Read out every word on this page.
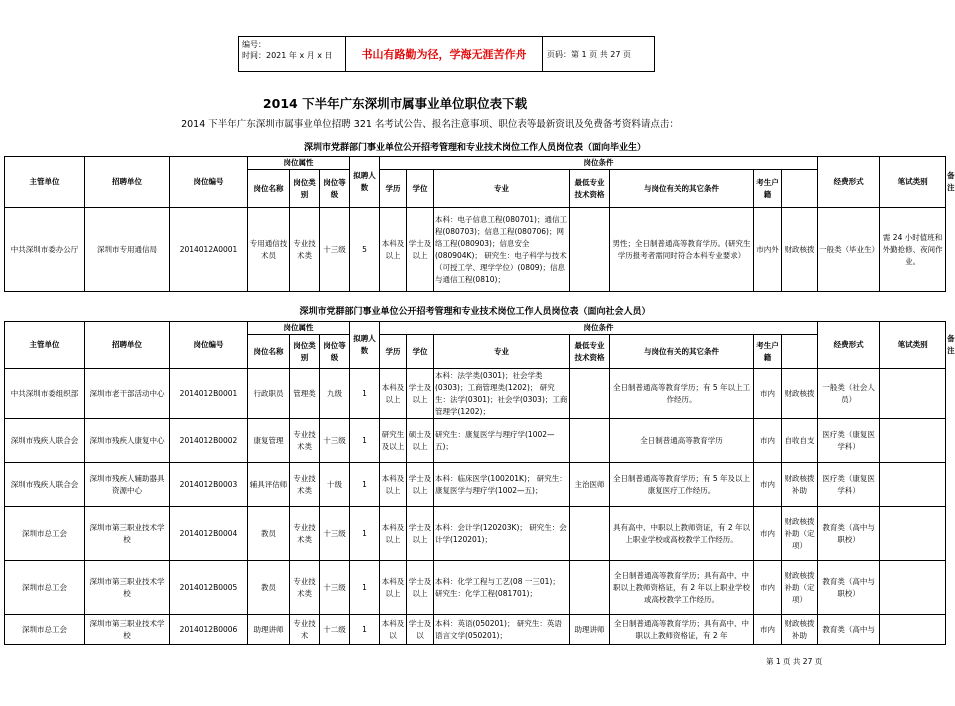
编号：
时间：2021 年 x 月 x 日	书山有路勤为径，学海无涯苦作舟	页码：第 1 页 共 27 页
2014 下半年广东深圳市属事业单位职位表下载
2014 下半年广东深圳市属事业单位招聘 321 名考试公告、报名注意事项、职位表等最新资讯及免费备考资料请点击：
深圳市党群部门事业单位公开招考管理和专业技术岗位工作人员岗位表（面向毕业生）
主管单位	招聘单位	岗位编号	岗位属性			拟聘人数	岗位条件							经费形式	笔试类别	备注
			岗位名称	岗位类别	岗位等级		学历	学位	专业	最低专业技术资格	与岗位有关的其它条件	考生户籍				
中共深圳市委办公厅	深圳市专用通信局	2014012A0001	专用通信技术员	专业技术类	十三级	5	本科及以上	学士及以上	本科：电子信息工程(080701)；通信工程(080703)；信息工程(080706)；网络工程(080903)；信息安全(080904K)； 研究生：电子科学与技术（可授工学、理学学位）(0809)；信息与通信工程(0810)；		男性；全日制普通高等教育学历。(研究生学历报考者需同时符合本科专业要求）	市内外	财政核拨	一般类（毕业生）	需 24 小时值班和外勤抢修、夜间作业。	
深圳市党群部门事业单位公开招考管理和专业技术岗位工作人员岗位表（面向社会人员）
主管单位	招聘单位	岗位编号	岗位属性			拟聘人数	岗位条件							经费形式	笔试类别	备注
			岗位名称	岗位类别	岗位等级		学历	学位	专业	最低专业技术资格	与岗位有关的其它条件	考生户籍				
中共深圳市委组织部	深圳市老干部活动中心	2014012B0001	行政职员	管理类	九级	1	本科及以上	学士及以上	本科：法学类(0301)；社会学类(0303)；工商管理类(1202)； 研究生：法学(0301)；社会学(0303)；工商管理学(1202)；		全日制普通高等教育学历；有 5 年以上工作经历。	市内	财政核拨	一般类（社会人员）		
深圳市残疾人联合会	深圳市残疾人康复中心	2014012B0002	康复管理	专业技术类	十三级	1	研究生及以上	硕士及以上	研究生：康复医学与理疗学(1002—五)；		全日制普通高等教育学历	市内	自收自支	医疗类（康复医学科）		
深圳市残疾人联合会	深圳市残疾人辅助器具资源中心	2014012B0003	辅具评估师	专业技术类	十级	1	本科及以上	学士及以上	本科：临床医学(100201K)； 研究生：康复医学与理疗学(1002—五)；	主治医师	全日制普通高等教育学历；有 5 年及以上康复医疗工作经历。	市内	财政核拨补助	医疗类（康复医学科）		
深圳市总工会	深圳市第三职业技术学校	2014012B0004	教员	专业技术类	十三级	1	本科及以上	学士及以上	本科：会计学(120203K)； 研究生：会计学(120201)；		具有高中、中职以上教师资证，有 2 年以上职业学校或高校教学工作经历。	市内	财政核拨补助（定项）	教育类（高中与职校）		
深圳市总工会	深圳市第三职业技术学校	2014012B0005	教员	专业技术类	十三级	1	本科及以上	学士及以上	本科：化学工程与工艺(08 一三01)； 研究生：化学工程(081701)；		全日制普通高等教育学历；具有高中、中职以上教师资格证，有 2 年以上职业学校或高校教学工作经历。	市内	财政核拨补助（定项）	教育类（高中与职校）		
深圳市总工会	深圳市第三职业技术学校	2014012B0006	助理讲师	专业技术	十二级	1	本科及以	学士及以	本科：英语(050201)； 研究生：英语语言文学(050201)；	助理讲师	全日制普通高等教育学历；具有高中、中职以上教师资格证，有 2 年	市内	财政核拨补助	教育类（高中与		
第 1 页 共 27 页
